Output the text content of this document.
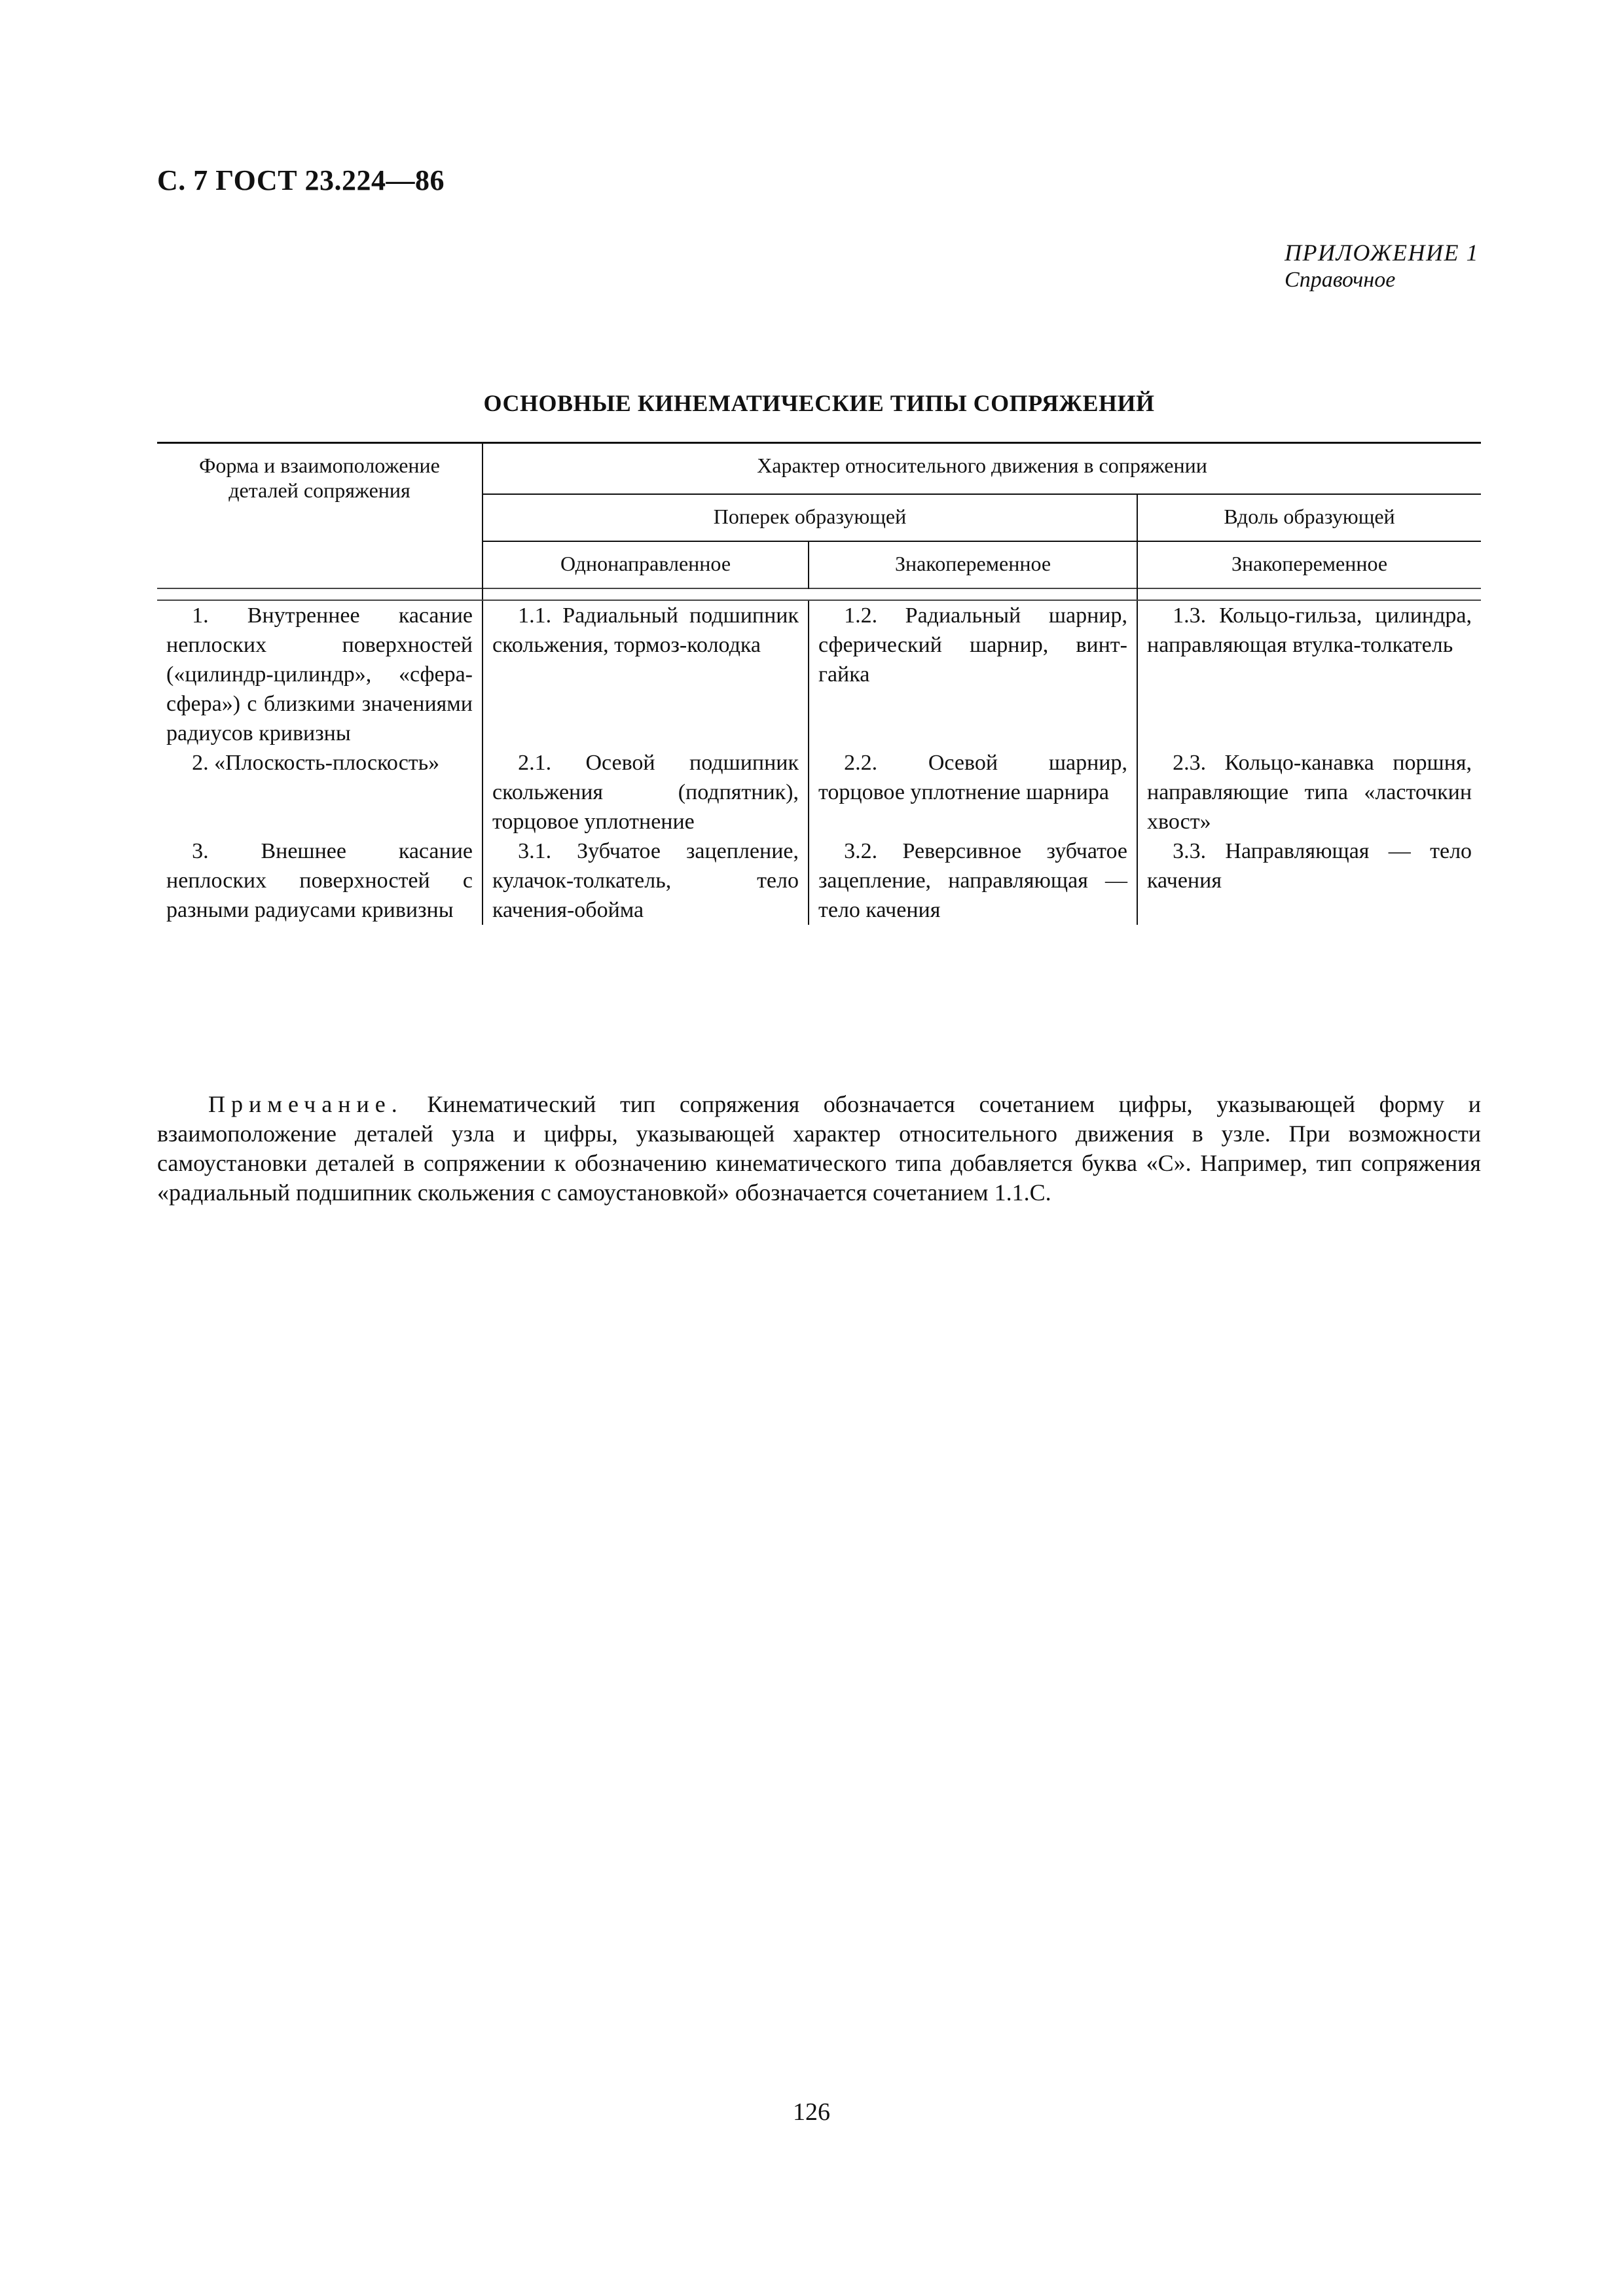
С. 7 ГОСТ 23.224—86
ПРИЛОЖЕНИЕ 1
Справочное
ОСНОВНЫЕ КИНЕМАТИЧЕСКИЕ ТИПЫ СОПРЯЖЕНИЙ
Форма и взаимоположение деталей сопряжения	Характер относительного движения в сопряжении		
	Поперек образующей		Вдоль образующей
	Однонаправленное	Знакопеременное	Знакопеременное

1. Внутреннее касание неплоских поверхностей («цилиндр-цилиндр», «сфера-сфера») с близкими значениями радиусов кривизны	1.1. Радиальный подшипник скольжения, тормоз-колодка	1.2. Радиальный шарнир, сферический шарнир, винт-гайка	1.3. Кольцо-гильза, цилиндра, направляющая втулка-толкатель
2. «Плоскость-плоскость»	2.1. Осевой подшипник скольжения (подпятник), торцовое уплотнение	2.2. Осевой шарнир, торцовое уплотнение шарнира	2.3. Кольцо-канавка поршня, направляющие типа «ласточкин хвост»
3. Внешнее касание неплоских поверхностей с разными радиусами кривизны	3.1. Зубчатое зацепление, кулачок-толкатель, тело качения-обойма	3.2. Реверсивное зубчатое зацепление, направляющая — тело качения	3.3. Направляющая — тело качения
Примечание. Кинематический тип сопряжения обозначается сочетанием цифры, указывающей форму и взаимоположение деталей узла и цифры, указывающей характер относительного движения в узле. При возможности самоустановки деталей в сопряжении к обозначению кинематического типа добавляется буква «С». Например, тип сопряжения «радиальный подшипник скольжения с самоустановкой» обозначается сочетанием 1.1.С.
126
